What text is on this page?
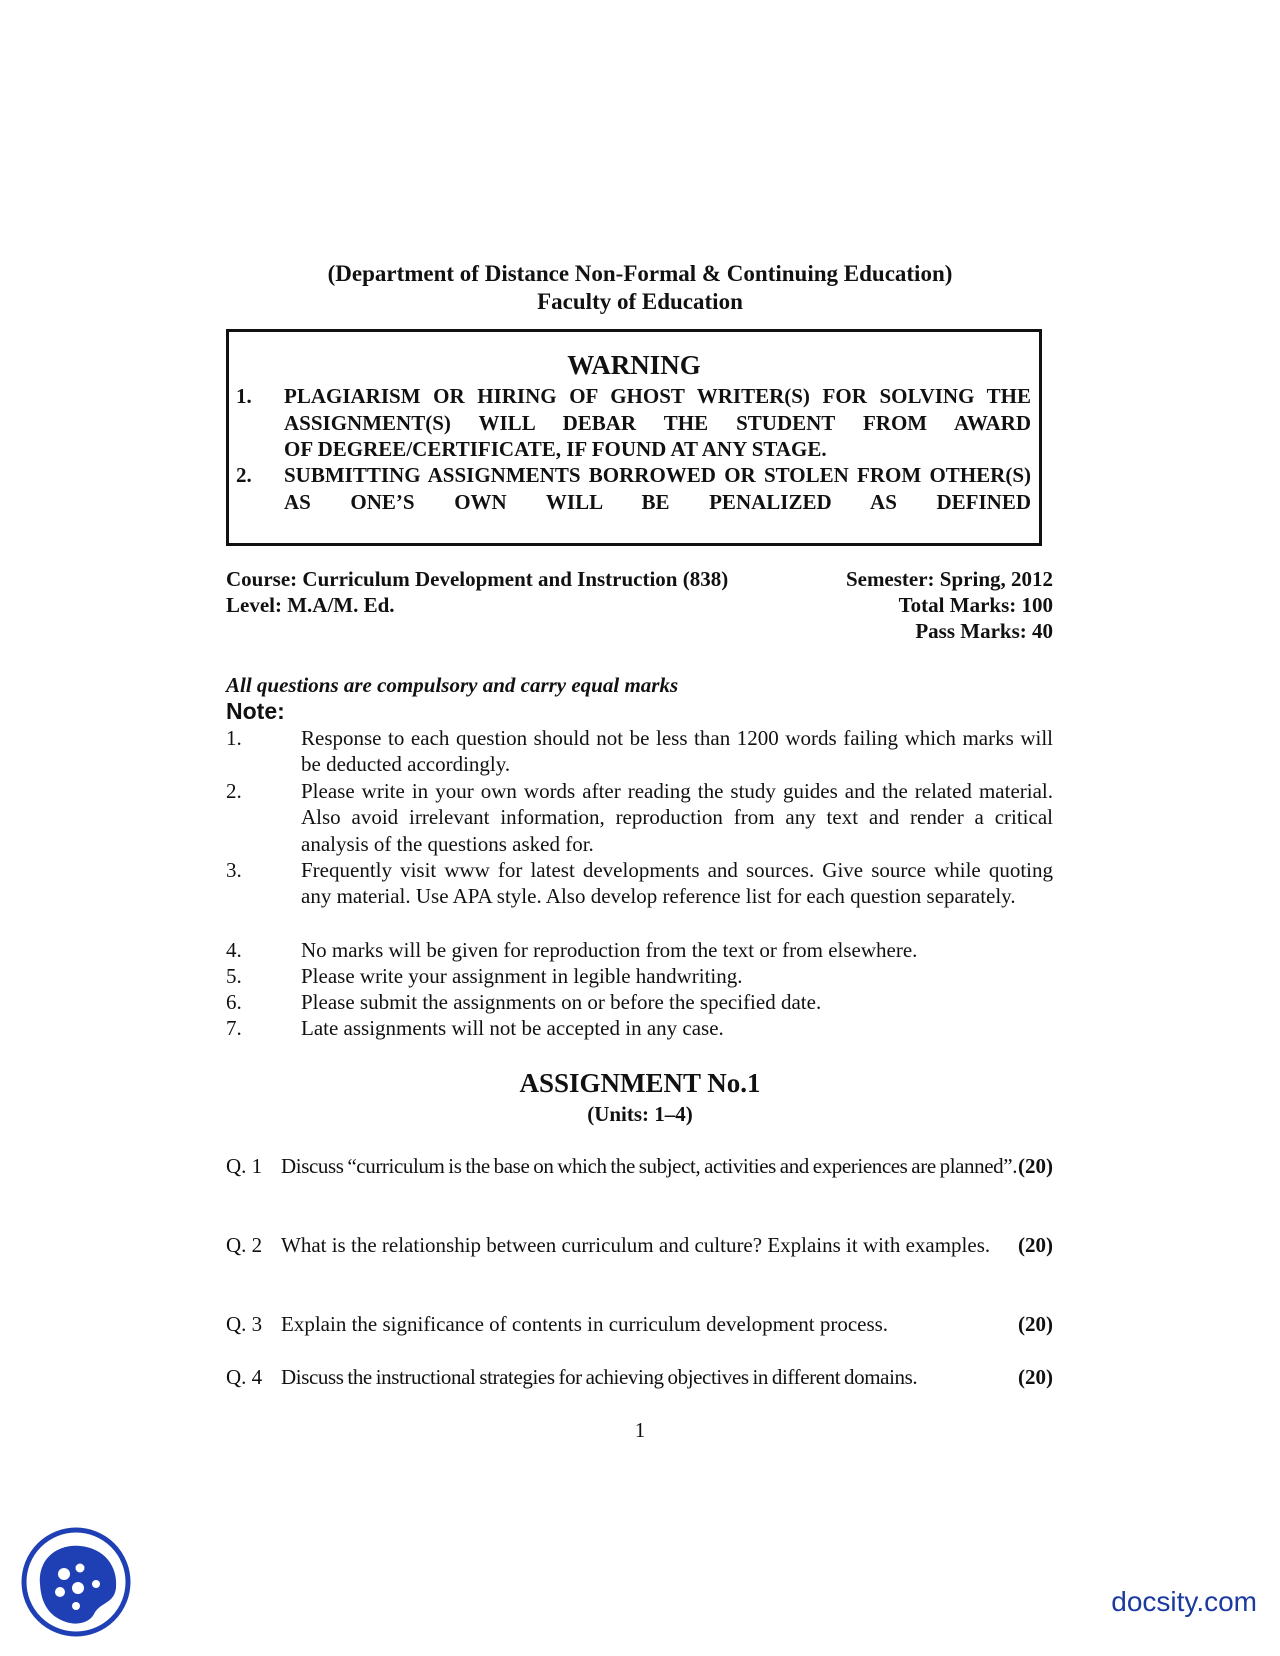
(Department of Distance Non-Formal & Continuing Education)
Faculty of Education
WARNING
1. PLAGIARISM OR HIRING OF GHOST WRITER(S) FOR SOLVING THE ASSIGNMENT(S) WILL DEBAR THE STUDENT FROM AWARD
OF DEGREE/CERTIFICATE, IF FOUND AT ANY STAGE.
2. SUBMITTING ASSIGNMENTS BORROWED OR STOLEN FROM OTHER(S) AS ONE’S OWN WILL BE PENALIZED AS DEFINED
Course: Curriculum Development and Instruction (838)
Level: M.A/M. Ed.
Semester: Spring, 2012
Total Marks: 100
Pass Marks: 40
All questions are compulsory and carry equal marks
Note:
1.	Response to each question should not be less than 1200 words failing which marks will be deducted accordingly.
2.	Please write in your own words after reading the study guides and the related material. Also avoid irrelevant information, reproduction from any text and render a critical analysis of the questions asked for.
3.	Frequently visit www for latest developments and sources. Give source while quoting any material. Use APA style. Also develop reference list for each question separately.
4.	No marks will be given for reproduction from the text or from elsewhere.
5.	Please write your assignment in legible handwriting.
6.	Please submit the assignments on or before the specified date.
7.	Late assignments will not be accepted in any case.
ASSIGNMENT No.1
(Units: 1–4)
Q. 1 Discuss “curriculum is the base on which the subject, activities and experiences are planned”. (20)
Q. 2 What is the relationship between curriculum and culture? Explains it with examples.	(20)
Q. 3 Explain the significance of contents in curriculum development process.	(20)
Q. 4 Discuss the instructional strategies for achieving objectives in different domains.	(20)
1
docsity.com
